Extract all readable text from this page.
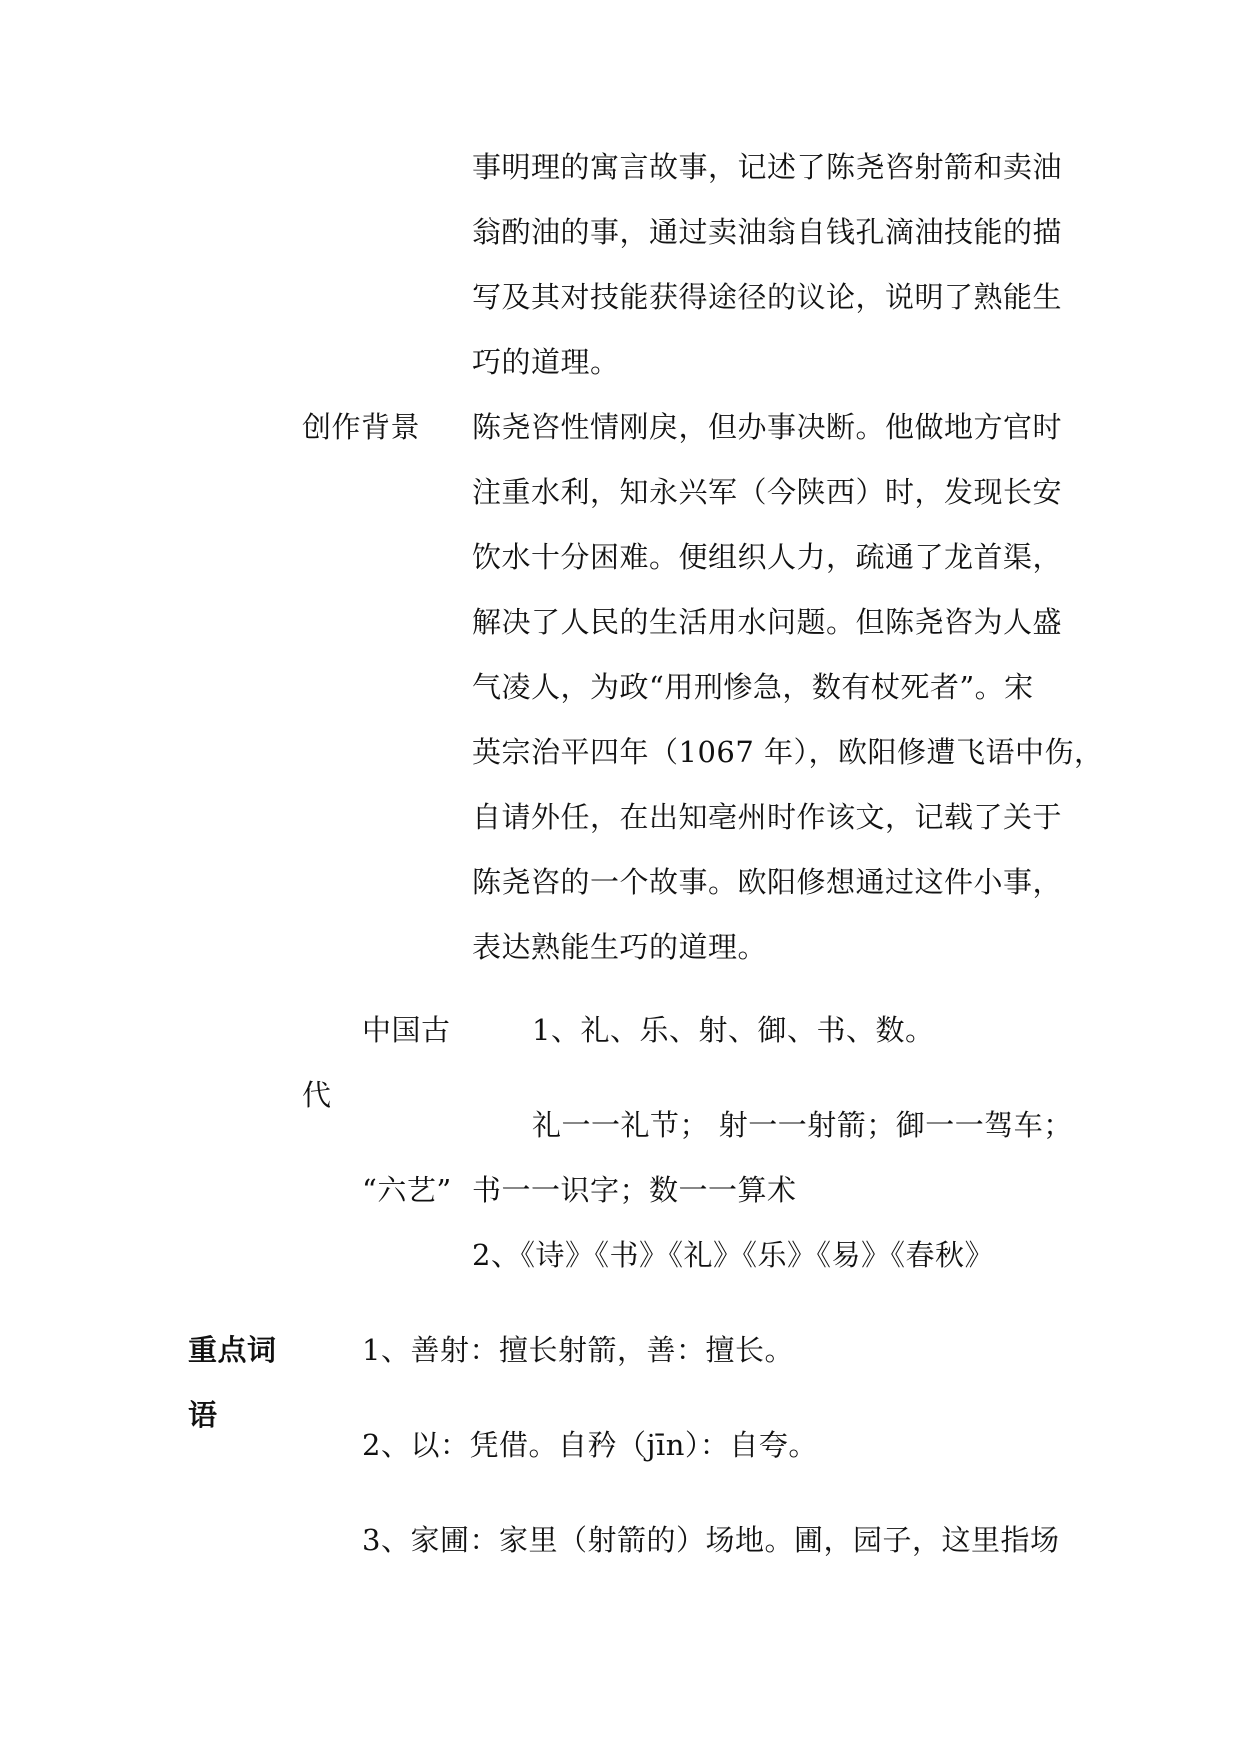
事明理的寓言故事，记述了陈尧咨射箭和卖油
翁酌油的事，通过卖油翁自钱孔滴油技能的描
写及其对技能获得途径的议论，说明了熟能生
巧的道理。
创作背景 陈尧咨性情刚戾，但办事决断。他做地方官时
注重水利，知永兴军（今陕西）时，发现长安
饮水十分困难。便组织人力，疏通了龙首渠，
解决了人民的生活用水问题。但陈尧咨为人盛
气凌人，为政“用刑惨急，数有杖死者”。宋
英宗治平四年（1067 年），欧阳修遭飞语中伤，
自请外任，在出知亳州时作该文，记载了关于
陈尧咨的一个故事。欧阳修想通过这件小事，
表达熟能生巧的道理。
中国古	1、礼、乐、射、御、书、数。
代
礼一一礼节； 射一一射箭；御一一驾车；
“六艺” 书一一识字；数一一算术
2、《诗》《书》《礼》《乐》《易》《春秋》
重点词	1、善射：擅长射箭，善：擅长。
语
2、以：凭借。自矜（jīn）：自夸。
3、家圃：家里（射箭的）场地。圃，园子，这里指场
